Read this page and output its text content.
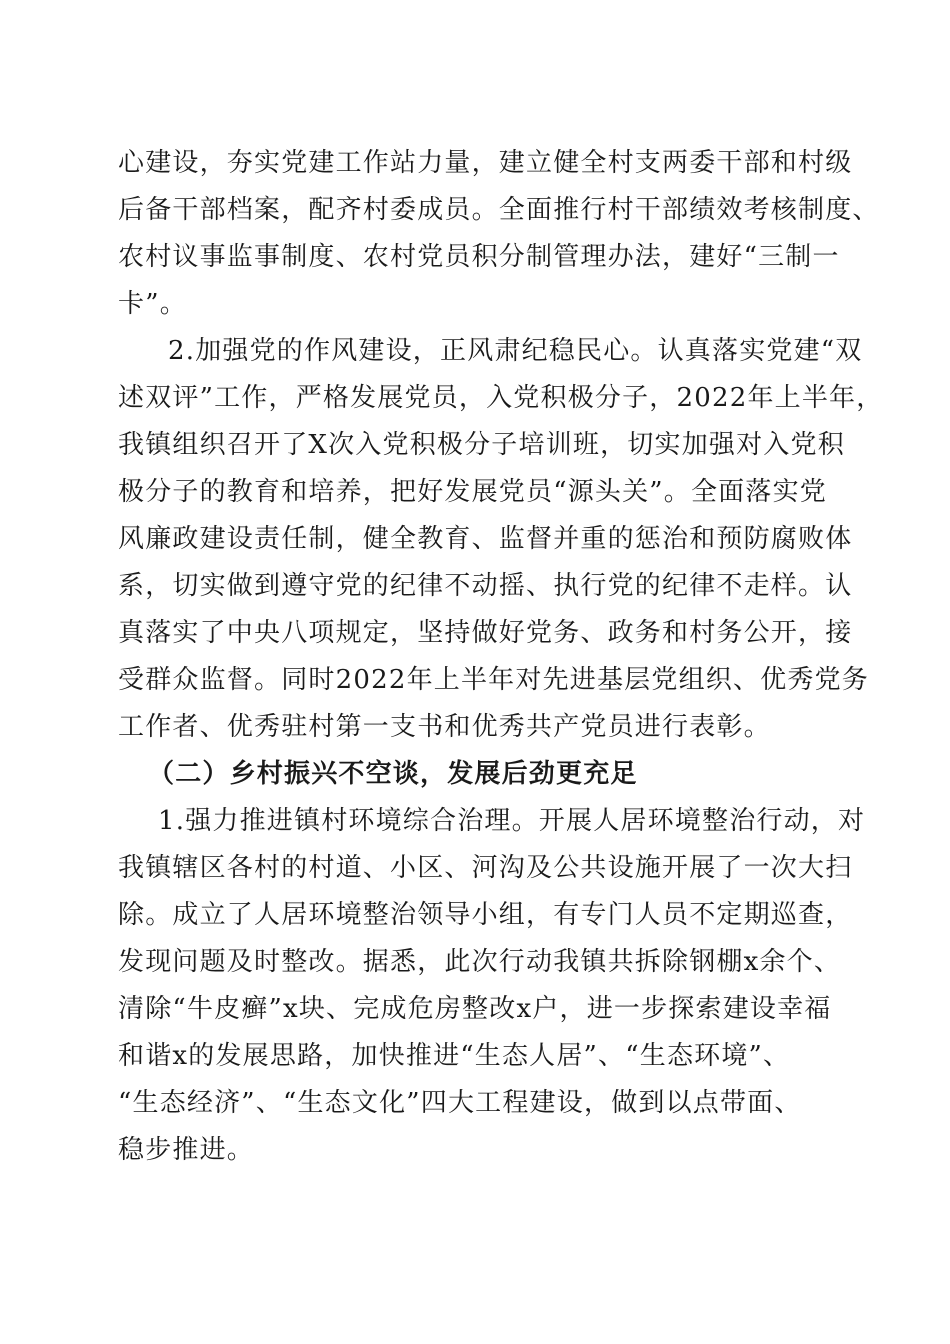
心建设，夯实党建工作站力量，建立健全村支两委干部和村级

后备干部档案，配齐村委成员。全面推行村干部绩效考核制度、

农村议事监事制度、农村党员积分制管理办法，建好“三制一

卡”。

2.加强党的作风建设，正风肃纪稳民心。认真落实党建“双

述双评”工作，严格发展党员，入党积极分子，2022年上半年，

我镇组织召开了X次入党积极分子培训班，切实加强对入党积

极分子的教育和培养，把好发展党员“源头关”。全面落实党

风廉政建设责任制，健全教育、监督并重的惩治和预防腐败体

系，切实做到遵守党的纪律不动摇、执行党的纪律不走样。认

真落实了中央八项规定，坚持做好党务、政务和村务公开，接

受群众监督。同时2022年上半年对先进基层党组织、优秀党务

工作者、优秀驻村第一支书和优秀共产党员进行表彰。

（二）乡村振兴不空谈，发展后劲更充足

1.强力推进镇村环境综合治理。开展人居环境整治行动，对

我镇辖区各村的村道、小区、河沟及公共设施开展了一次大扫

除。成立了人居环境整治领导小组，有专门人员不定期巡查，

发现问题及时整改。据悉，此次行动我镇共拆除钢棚x余个、

清除“牛皮癣”x块、完成危房整改x户，进一步探索建设幸福

和谐x的发展思路，加快推进“生态人居”、“生态环境”、

“生态经济”、“生态文化”四大工程建设，做到以点带面、

稳步推进。
